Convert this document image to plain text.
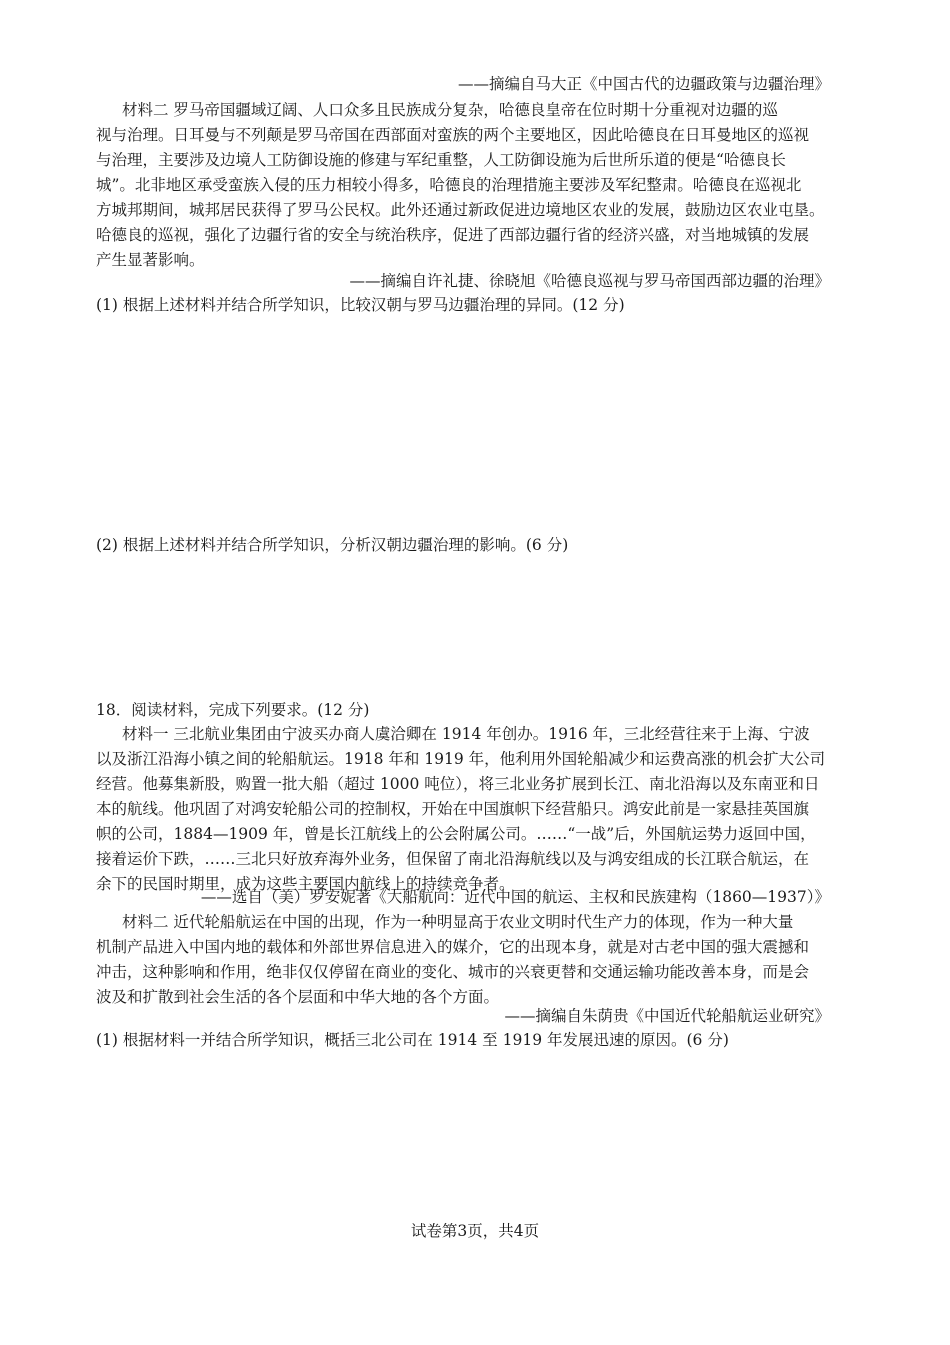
——摘编自马大正《中国古代的边疆政策与边疆治理》
材料二 罗马帝国疆域辽阔、人口众多且民族成分复杂，哈德良皇帝在位时期十分重视对边疆的巡
视与治理。日耳曼与不列颠是罗马帝国在西部面对蛮族的两个主要地区，因此哈德良在日耳曼地区的巡视
与治理，主要涉及边境人工防御设施的修建与军纪重整，人工防御设施为后世所乐道的便是“哈德良长
城”。北非地区承受蛮族入侵的压力相较小得多，哈德良的治理措施主要涉及军纪整肃。哈德良在巡视北
方城邦期间，城邦居民获得了罗马公民权。此外还通过新政促进边境地区农业的发展，鼓励边区农业屯垦。
哈德良的巡视，强化了边疆行省的安全与统治秩序，促进了西部边疆行省的经济兴盛，对当地城镇的发展
产生显著影响。
——摘编自许礼捷、徐晓旭《哈德良巡视与罗马帝国西部边疆的治理》
(1) 根据上述材料并结合所学知识，比较汉朝与罗马边疆治理的异同。(12 分)
(2) 根据上述材料并结合所学知识，分析汉朝边疆治理的影响。(6 分)
18．阅读材料，完成下列要求。(12 分)
材料一 三北航业集团由宁波买办商人虞洽卿在 1914 年创办。1916 年，三北经营往来于上海、宁波
以及浙江沿海小镇之间的轮船航运。1918 年和 1919 年，他利用外国轮船减少和运费高涨的机会扩大公司
经营。他募集新股，购置一批大船（超过 1000 吨位），将三北业务扩展到长江、南北沿海以及东南亚和日
本的航线。他巩固了对鸿安轮船公司的控制权，开始在中国旗帜下经营船只。鸿安此前是一家悬挂英国旗
帜的公司，1884—1909 年，曾是长江航线上的公会附属公司。……“一战”后，外国航运势力返回中国，
接着运价下跌，……三北只好放弃海外业务，但保留了南北沿海航线以及与鸿安组成的长江联合航运，在
余下的民国时期里，成为这些主要国内航线上的持续竞争者。
——选自（美）罗安妮著《大船航向：近代中国的航运、主权和民族建构（1860—1937）》
材料二 近代轮船航运在中国的出现，作为一种明显高于农业文明时代生产力的体现，作为一种大量
机制产品进入中国内地的载体和外部世界信息进入的媒介，它的出现本身，就是对古老中国的强大震撼和
冲击，这种影响和作用，绝非仅仅停留在商业的变化、城市的兴衰更替和交通运输功能改善本身，而是会
波及和扩散到社会生活的各个层面和中华大地的各个方面。
——摘编自朱荫贵《中国近代轮船航运业研究》
(1) 根据材料一并结合所学知识，概括三北公司在 1914 至 1919 年发展迅速的原因。(6 分)
试卷第3页，共4页
